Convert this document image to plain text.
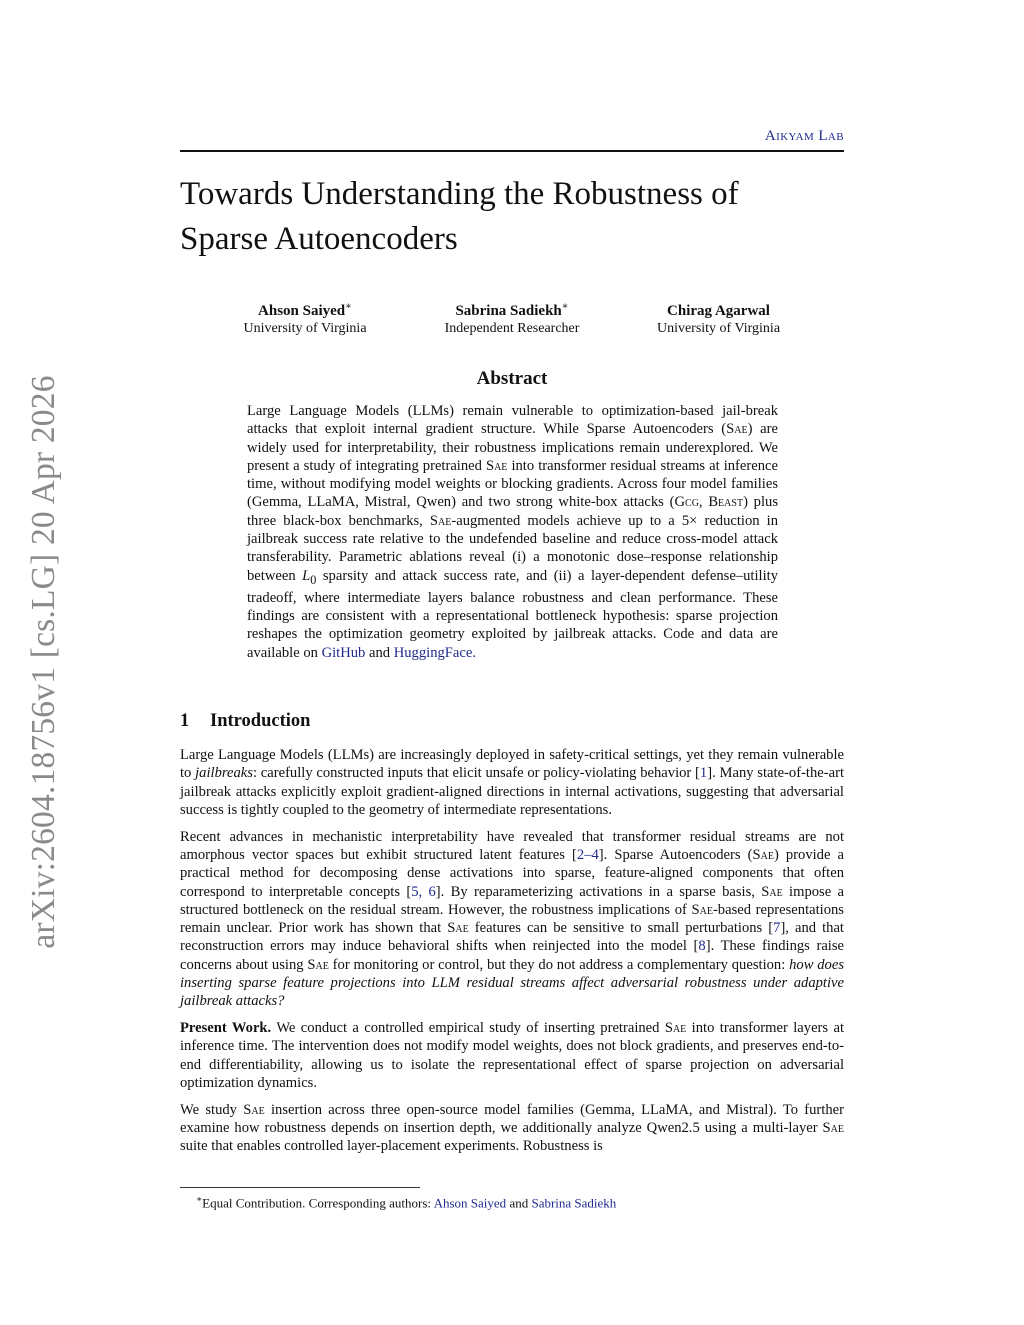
arXiv:2604.18756v1 [cs.LG] 20 Apr 2026
Aikyam Lab
Towards Understanding the Robustness of
Sparse Autoencoders
Ahson Saiyed∗
University of Virginia
Sabrina Sadiekh∗
Independent Researcher
Chirag Agarwal
University of Virginia
Abstract

Large Language Models (LLMs) remain vulnerable to optimization-based jail-break attacks that exploit internal gradient structure. While Sparse Autoencoders (Sae) are widely used for interpretability, their robustness implications remain underexplored. We present a study of integrating pretrained Sae into transformer residual streams at inference time, without modifying model weights or blocking gradients. Across four model families (Gemma, LLaMA, Mistral, Qwen) and two strong white-box attacks (Gcg, Beast) plus three black-box benchmarks, Sae-augmented models achieve up to a 5× reduction in jailbreak success rate relative to the undefended baseline and reduce cross-model attack transferability. Parametric ablations reveal (i) a monotonic dose–response relationship between $L_0$ sparsity and attack success rate, and (ii) a layer-dependent defense–utility tradeoff, where intermediate layers balance robustness and clean performance. These findings are consistent with a representational bottleneck hypothesis: sparse projection reshapes the optimization geometry exploited by jailbreak attacks. Code and data are available on GitHub and HuggingFace.

1 Introduction

Large Language Models (LLMs) are increasingly deployed in safety-critical settings, yet they remain vulnerable to jailbreaks: carefully constructed inputs that elicit unsafe or policy-violating behavior [1]. Many state-of-the-art jailbreak attacks explicitly exploit gradient-aligned directions in internal activations, suggesting that adversarial success is tightly coupled to the geometry of intermediate representations.

Recent advances in mechanistic interpretability have revealed that transformer residual streams are not amorphous vector spaces but exhibit structured latent features [2–4]. Sparse Autoencoders (Sae) provide a practical method for decomposing dense activations into sparse, feature-aligned components that often correspond to interpretable concepts [5, 6]. By reparameterizing activations in a sparse basis, Sae impose a structured bottleneck on the residual stream. However, the robustness implications of Sae-based representations remain unclear. Prior work has shown that Sae features can be sensitive to small perturbations [7], and that reconstruction errors may induce behavioral shifts when reinjected into the model [8]. These findings raise concerns about using Sae for monitoring or control, but they do not address a complementary question: how does inserting sparse feature projections into LLM residual streams affect adversarial robustness under adaptive jailbreak attacks?

Present Work. We conduct a controlled empirical study of inserting pretrained Sae into transformer layers at inference time. The intervention does not modify model weights, does not block gradients, and preserves end-to-end differentiability, allowing us to isolate the representational effect of sparse projection on adversarial optimization dynamics.

We study Sae insertion across three open-source model families (Gemma, LLaMA, and Mistral). To further examine how robustness depends on insertion depth, we additionally analyze Qwen2.5 using a multi-layer Sae suite that enables controlled layer-placement experiments. Robustness is

∗Equal Contribution. Corresponding authors: Ahson Saiyed and Sabrina Sadiekh
